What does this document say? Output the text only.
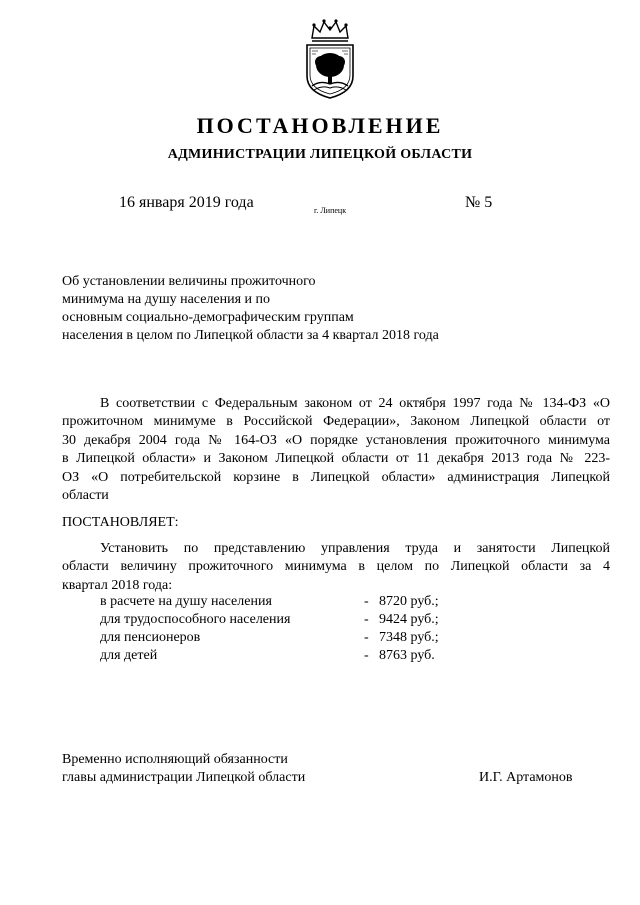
ПОСТАНОВЛЕНИЕ
АДМИНИСТРАЦИИ ЛИПЕЦКОЙ ОБЛАСТИ
16 января 2019 года	г. Липецк	№ 5
Об установлении величины прожиточного
минимума на душу населения и по
основным социально-демографическим группам
населения в целом по Липецкой области за 4 квартал 2018 года
В соответствии с Федеральным законом от 24 октября 1997 года № 134-ФЗ «О
прожиточном минимуме в Российской Федерации», Законом Липецкой области от
30 декабря 2004 года № 164-ОЗ «О порядке установления прожиточного минимума
в Липецкой области» и Законом Липецкой области от 11 декабря 2013 года № 223-
ОЗ «О потребительской корзине в Липецкой области» администрация Липецкой
области
ПОСТАНОВЛЯЕТ:
Установить по представлению управления труда и занятости Липецкой
области величину прожиточного минимума в целом по Липецкой области за 4
квартал 2018 года:
в расчете на душу населения	- 8720 руб.;
для трудоспособного населения	- 9424 руб.;
для пенсионеров	- 7348 руб.;
для детей	- 8763 руб.
Временно исполняющий обязанности
главы администрации Липецкой области	И.Г. Артамонов
